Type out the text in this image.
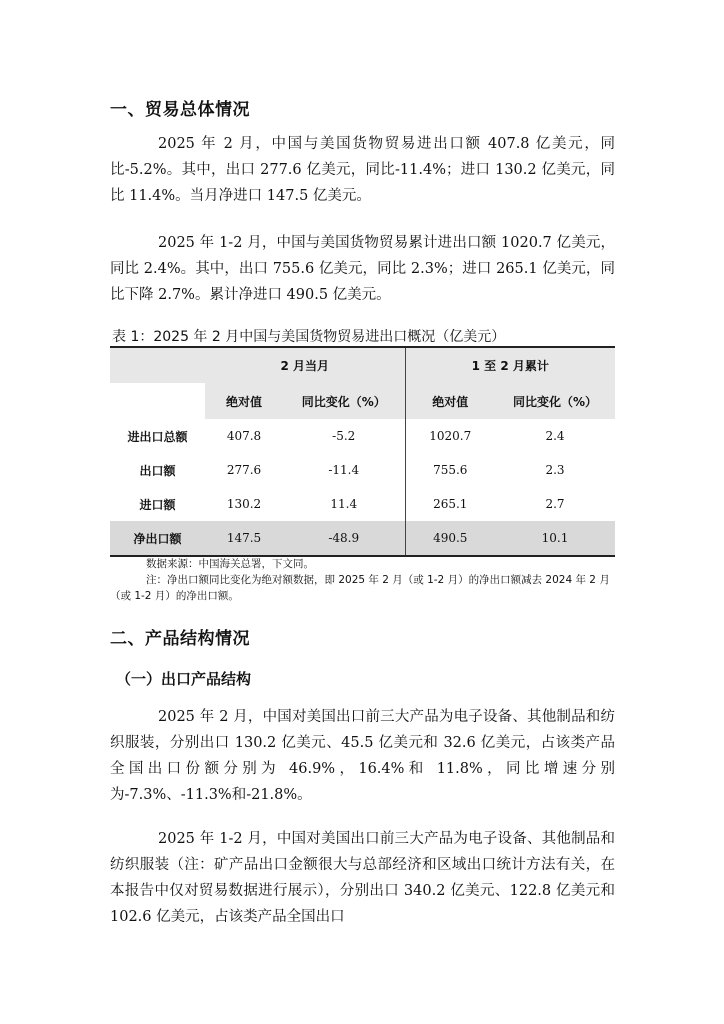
一、贸易总体情况

2025 年 2 月，中国与美国货物贸易进出口额 407.8 亿美元，同比-5.2%。其中，出口 277.6 亿美元，同比-11.4%；进口 130.2 亿美元，同比 11.4%。当月净进口 147.5 亿美元。

2025 年 1-2 月，中国与美国货物贸易累计进出口额 1020.7 亿美元，同比 2.4%。其中，出口 755.6 亿美元，同比 2.3%；进口 265.1 亿美元，同比下降 2.7%。累计净进口 490.5 亿美元。

表 1：2025 年 2 月中国与美国货物贸易进出口概况（亿美元）
	2 月当月		1 至 2 月累计	
	绝对值	同比变化（%）	绝对值	同比变化（%）
进出口总额	407.8	-5.2	1020.7	2.4
出口额	277.6	-11.4	755.6	2.3
进口额	130.2	11.4	265.1	2.7
净出口额	147.5	-48.9	490.5	10.1

数据来源：中国海关总署，下文同。

注：净出口额同比变化为绝对额数据，即 2025 年 2 月（或 1-2 月）的净出口额减去 2024 年 2 月（或 1-2 月）的净出口额。

二、产品结构情况
（一）出口产品结构

2025 年 2 月，中国对美国出口前三大产品为电子设备、其他制品和纺织服装，分别出口 130.2 亿美元、45.5 亿美元和 32.6 亿美元，占该类产品全国出口份额分别为 46.9%，16.4%和 11.8%，同比增速分别为-7.3%、-11.3%和-21.8%。

2025 年 1-2 月，中国对美国出口前三大产品为电子设备、其他制品和纺织服装（注：矿产品出口金额很大与总部经济和区域出口统计方法有关，在本报告中仅对贸易数据进行展示），分别出口 340.2 亿美元、122.8 亿美元和 102.6 亿美元，占该类产品全国出口
